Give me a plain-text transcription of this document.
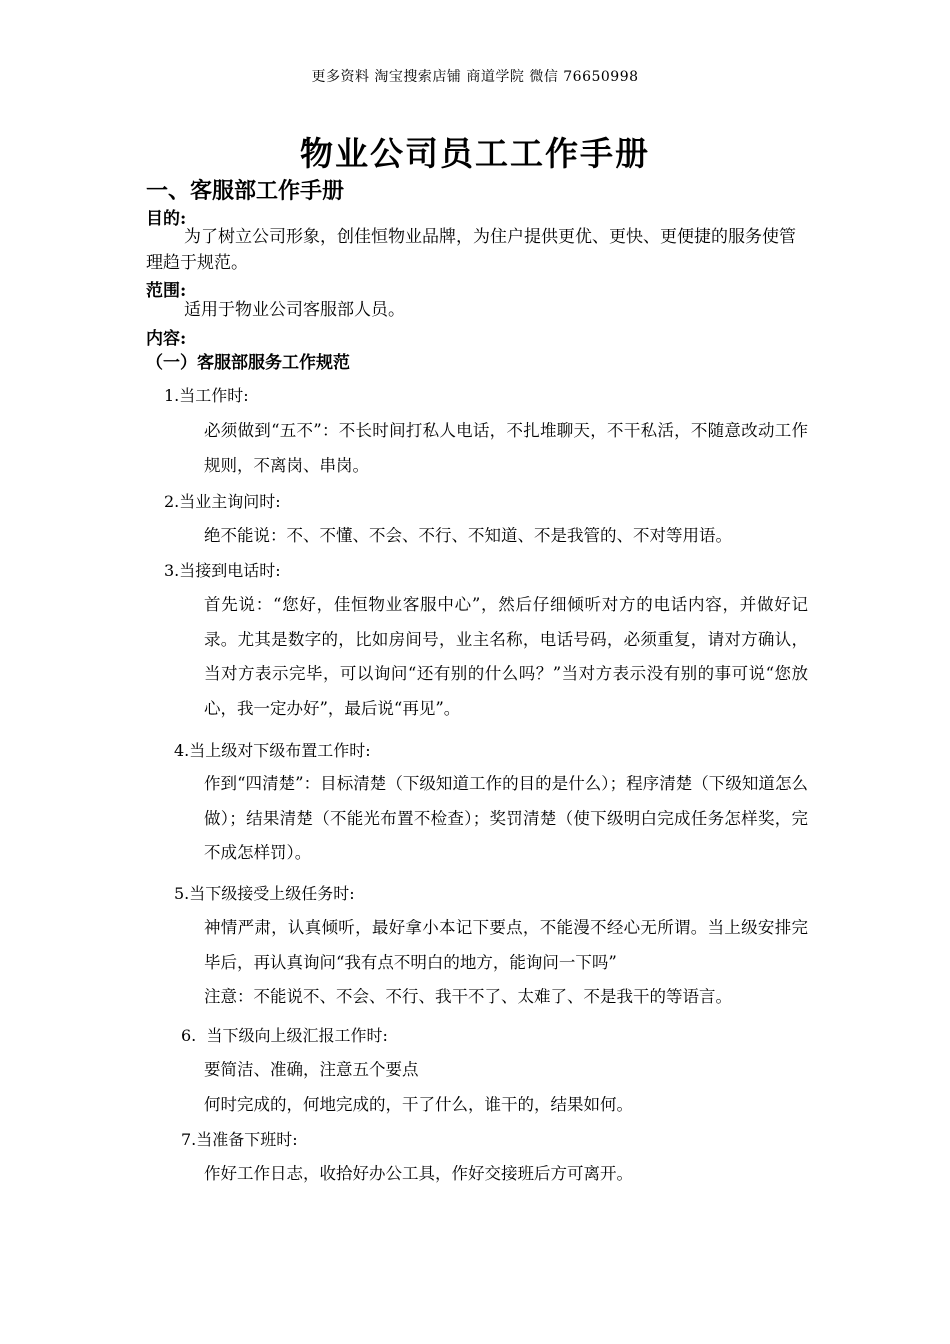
更多资料 淘宝搜索店铺 商道学院 微信 76650998
物业公司员工工作手册
一、客服部工作手册
目的:
为了树立公司形象，创佳恒物业品牌，为住户提供更优、更快、更便捷的服务使管理趋于规范。
范围:
适用于物业公司客服部人员。
内容:
（一）客服部服务工作规范
1.当工作时:

必须做到“五不”：不长时间打私人电话，不扎堆聊天，不干私活，不随意改动工作规则，不离岗、串岗。

2.当业主询问时:

绝不能说：不、不懂、不会、不行、不知道、不是我管的、不对等用语。

3.当接到电话时:

首先说：“您好，佳恒物业客服中心”，然后仔细倾听对方的电话内容，并做好记录。尤其是数字的，比如房间号，业主名称，电话号码，必须重复，请对方确认，当对方表示完毕，可以询问“还有别的什么吗？”当对方表示没有别的事可说“您放心，我一定办好”，最后说“再见”。

4.当上级对下级布置工作时:

作到“四清楚”：目标清楚（下级知道工作的目的是什么）；程序清楚（下级知道怎么做）；结果清楚（不能光布置不检查）；奖罚清楚（使下级明白完成任务怎样奖，完不成怎样罚）。

5.当下级接受上级任务时:

神情严肃，认真倾听，最好拿小本记下要点，不能漫不经心无所谓。当上级安排完毕后，再认真询问“我有点不明白的地方，能询问一下吗”

注意：不能说不、不会、不行、我干不了、太难了、不是我干的等语言。

6.  当下级向上级汇报工作时:

要简洁、准确，注意五个要点

何时完成的，何地完成的，干了什么，谁干的，结果如何。

7.当准备下班时:

作好工作日志，收拾好办公工具，作好交接班后方可离开。
